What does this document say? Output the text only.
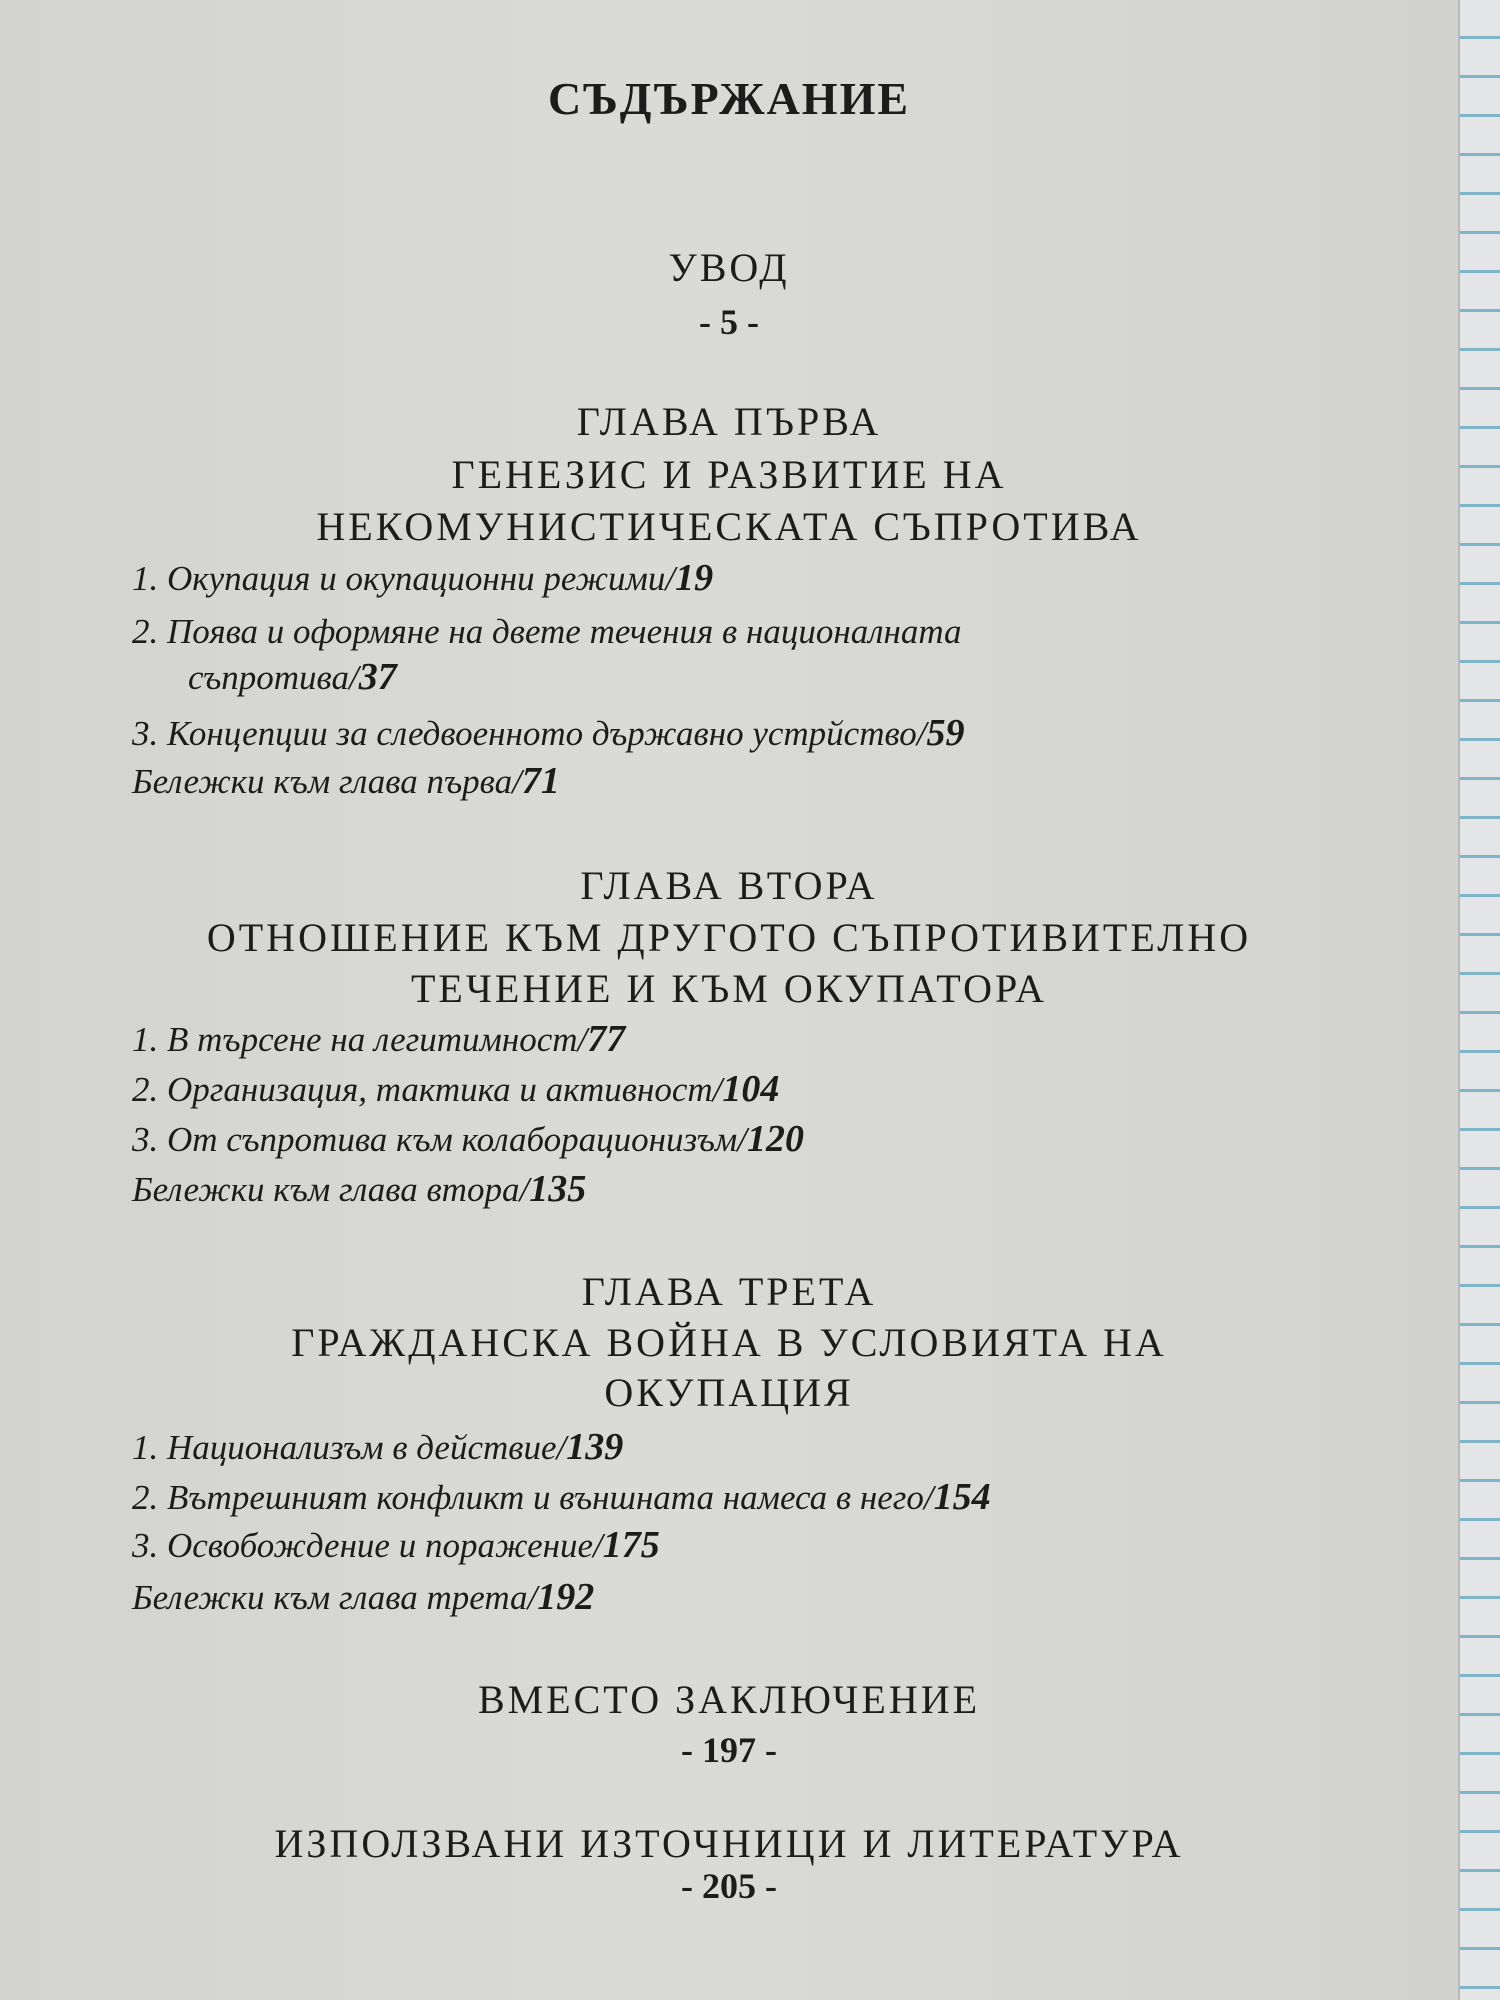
СЪДЪРЖАНИЕ
УВОД
- 5 -
ГЛАВА ПЪРВА
ГЕНЕЗИС И РАЗВИТИЕ НА
НЕКОМУНИСТИЧЕСКАТА СЪПРОТИВА
1. Окупация и окупационни режими/19
2. Поява и оформяне на двете течения в националната
съпротива/37
3. Концепции за следвоенното държавно устрйство/59
Бележки към глава първа/71
ГЛАВА ВТОРА
ОТНОШЕНИЕ КЪМ ДРУГОТО СЪПРОТИВИТЕЛНО
ТЕЧЕНИЕ И КЪМ ОКУПАТОРА
1. В търсене на легитимност/77
2. Организация, тактика и активност/104
3. От съпротива към колаборационизъм/120
Бележки към глава втора/135
ГЛАВА ТРЕТА
ГРАЖДАНСКА ВОЙНА В УСЛОВИЯТА НА
ОКУПАЦИЯ
1. Национализъм в действие/139
2. Вътрешният конфликт и външната намеса в него/154
3. Освобождение и поражение/175
Бележки към глава трета/192
ВМЕСТО ЗАКЛЮЧЕНИЕ
- 197 -
ИЗПОЛЗВАНИ ИЗТОЧНИЦИ И ЛИТЕРАТУРА
- 205 -
